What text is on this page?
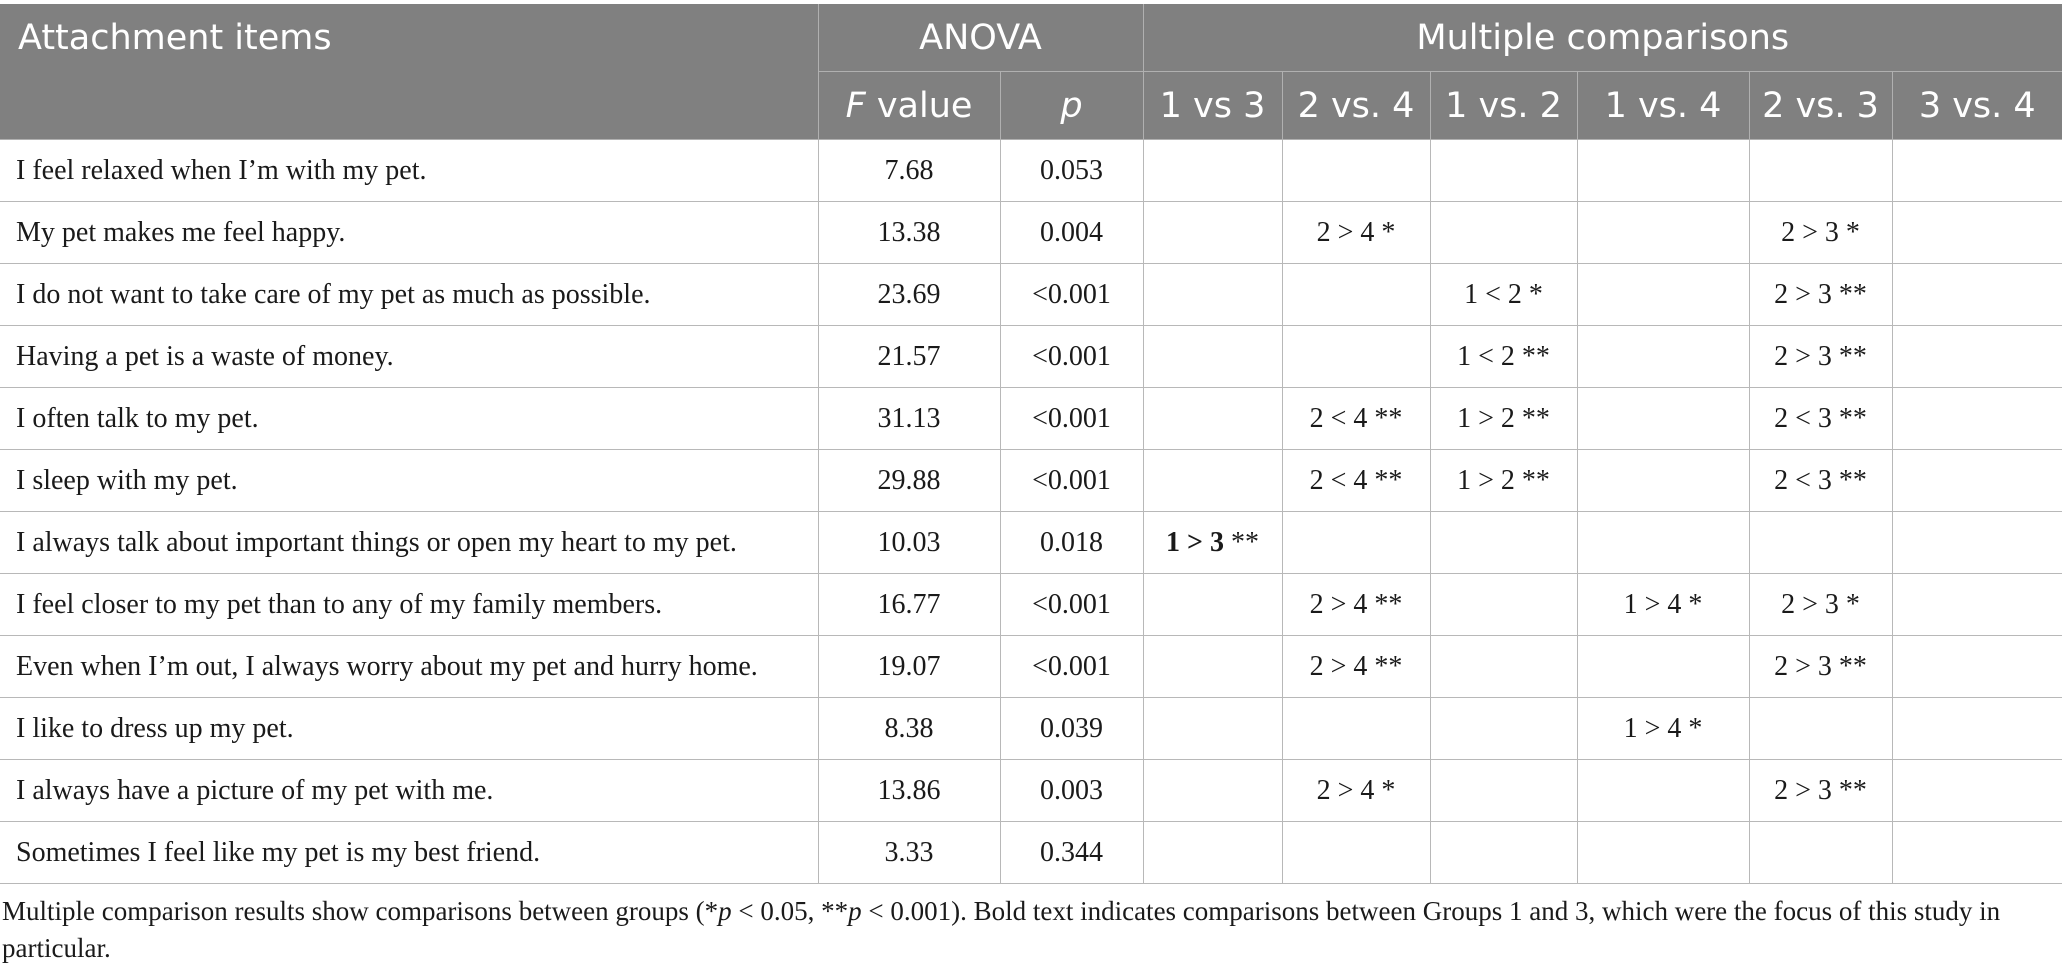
Attachment items	ANOVA		Multiple comparisons					
	F value	p	1 vs 3	2 vs. 4	1 vs. 2	1 vs. 4	2 vs. 3	3 vs. 4
I feel relaxed when I’m with my pet.	7.68	0.053						
My pet makes me feel happy.	13.38	0.004		2 > 4 *			2 > 3 *	
I do not want to take care of my pet as much as possible.	23.69	<0.001			1 < 2 *		2 > 3 **	
Having a pet is a waste of money.	21.57	<0.001			1 < 2 **		2 > 3 **	
I often talk to my pet.	31.13	<0.001		2 < 4 **	1 > 2 **		2 < 3 **	
I sleep with my pet.	29.88	<0.001		2 < 4 **	1 > 2 **		2 < 3 **	
I always talk about important things or open my heart to my pet.	10.03	0.018	1 > 3 **					
I feel closer to my pet than to any of my family members.	16.77	<0.001		2 > 4 **		1 > 4 *	2 > 3 *	
Even when I’m out, I always worry about my pet and hurry home.	19.07	<0.001		2 > 4 **			2 > 3 **	
I like to dress up my pet.	8.38	0.039				1 > 4 *		
I always have a picture of my pet with me.	13.86	0.003		2 > 4 *			2 > 3 **	
Sometimes I feel like my pet is my best friend.	3.33	0.344						
Multiple comparison results show comparisons between groups (*p < 0.05, **p < 0.001). Bold text indicates comparisons between Groups 1 and 3, which were the focus of this study in particular.
